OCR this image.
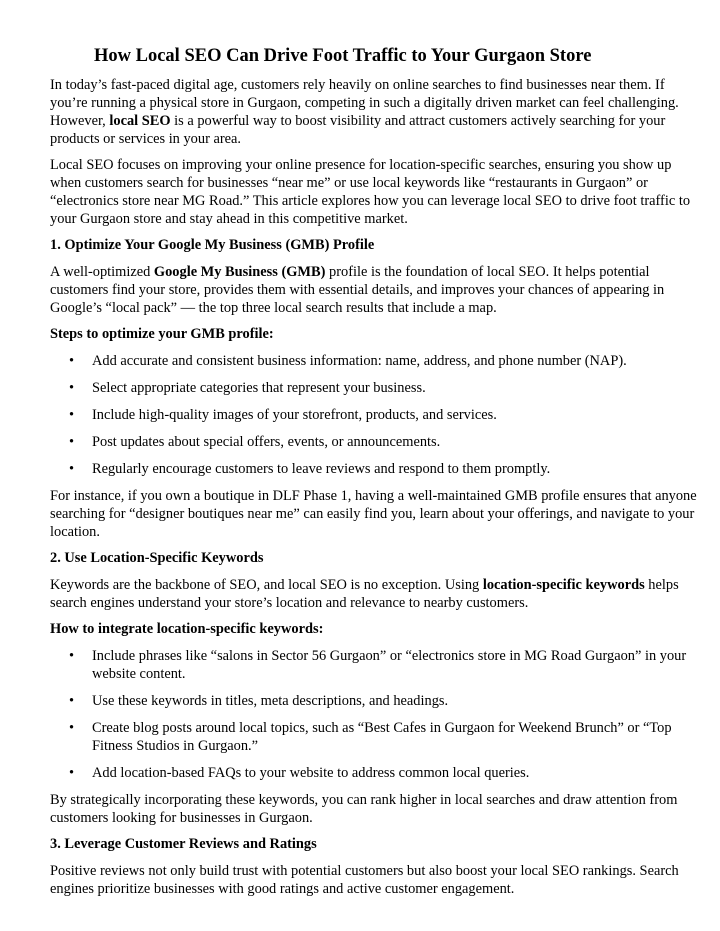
How Local SEO Can Drive Foot Traffic to Your Gurgaon Store

In today’s fast-paced digital age, customers rely heavily on online searches to find businesses near them. If you’re running a physical store in Gurgaon, competing in such a digitally driven market can feel challenging. However, local SEO is a powerful way to boost visibility and attract customers actively searching for your products or services in your area.

Local SEO focuses on improving your online presence for location-specific searches, ensuring you show up when customers search for businesses “near me” or use local keywords like “restaurants in Gurgaon” or “electronics store near MG Road.” This article explores how you can leverage local SEO to drive foot traffic to your Gurgaon store and stay ahead in this competitive market.

1. Optimize Your Google My Business (GMB) Profile

A well-optimized Google My Business (GMB) profile is the foundation of local SEO. It helps potential customers find your store, provides them with essential details, and improves your chances of appearing in Google’s “local pack” — the top three local search results that include a map.

Steps to optimize your GMB profile:
• Add accurate and consistent business information: name, address, and phone number (NAP).
• Select appropriate categories that represent your business.
• Include high-quality images of your storefront, products, and services.
• Post updates about special offers, events, or announcements.
• Regularly encourage customers to leave reviews and respond to them promptly.

For instance, if you own a boutique in DLF Phase 1, having a well-maintained GMB profile ensures that anyone searching for “designer boutiques near me” can easily find you, learn about your offerings, and navigate to your location.

2. Use Location-Specific Keywords

Keywords are the backbone of SEO, and local SEO is no exception. Using location-specific keywords helps search engines understand your store’s location and relevance to nearby customers.

How to integrate location-specific keywords:
• Include phrases like “salons in Sector 56 Gurgaon” or “electronics store in MG Road Gurgaon” in your website content.
• Use these keywords in titles, meta descriptions, and headings.
• Create blog posts around local topics, such as “Best Cafes in Gurgaon for Weekend Brunch” or “Top Fitness Studios in Gurgaon.”
• Add location-based FAQs to your website to address common local queries.

By strategically incorporating these keywords, you can rank higher in local searches and draw attention from customers looking for businesses in Gurgaon.

3. Leverage Customer Reviews and Ratings

Positive reviews not only build trust with potential customers but also boost your local SEO rankings. Search engines prioritize businesses with good ratings and active customer engagement.
